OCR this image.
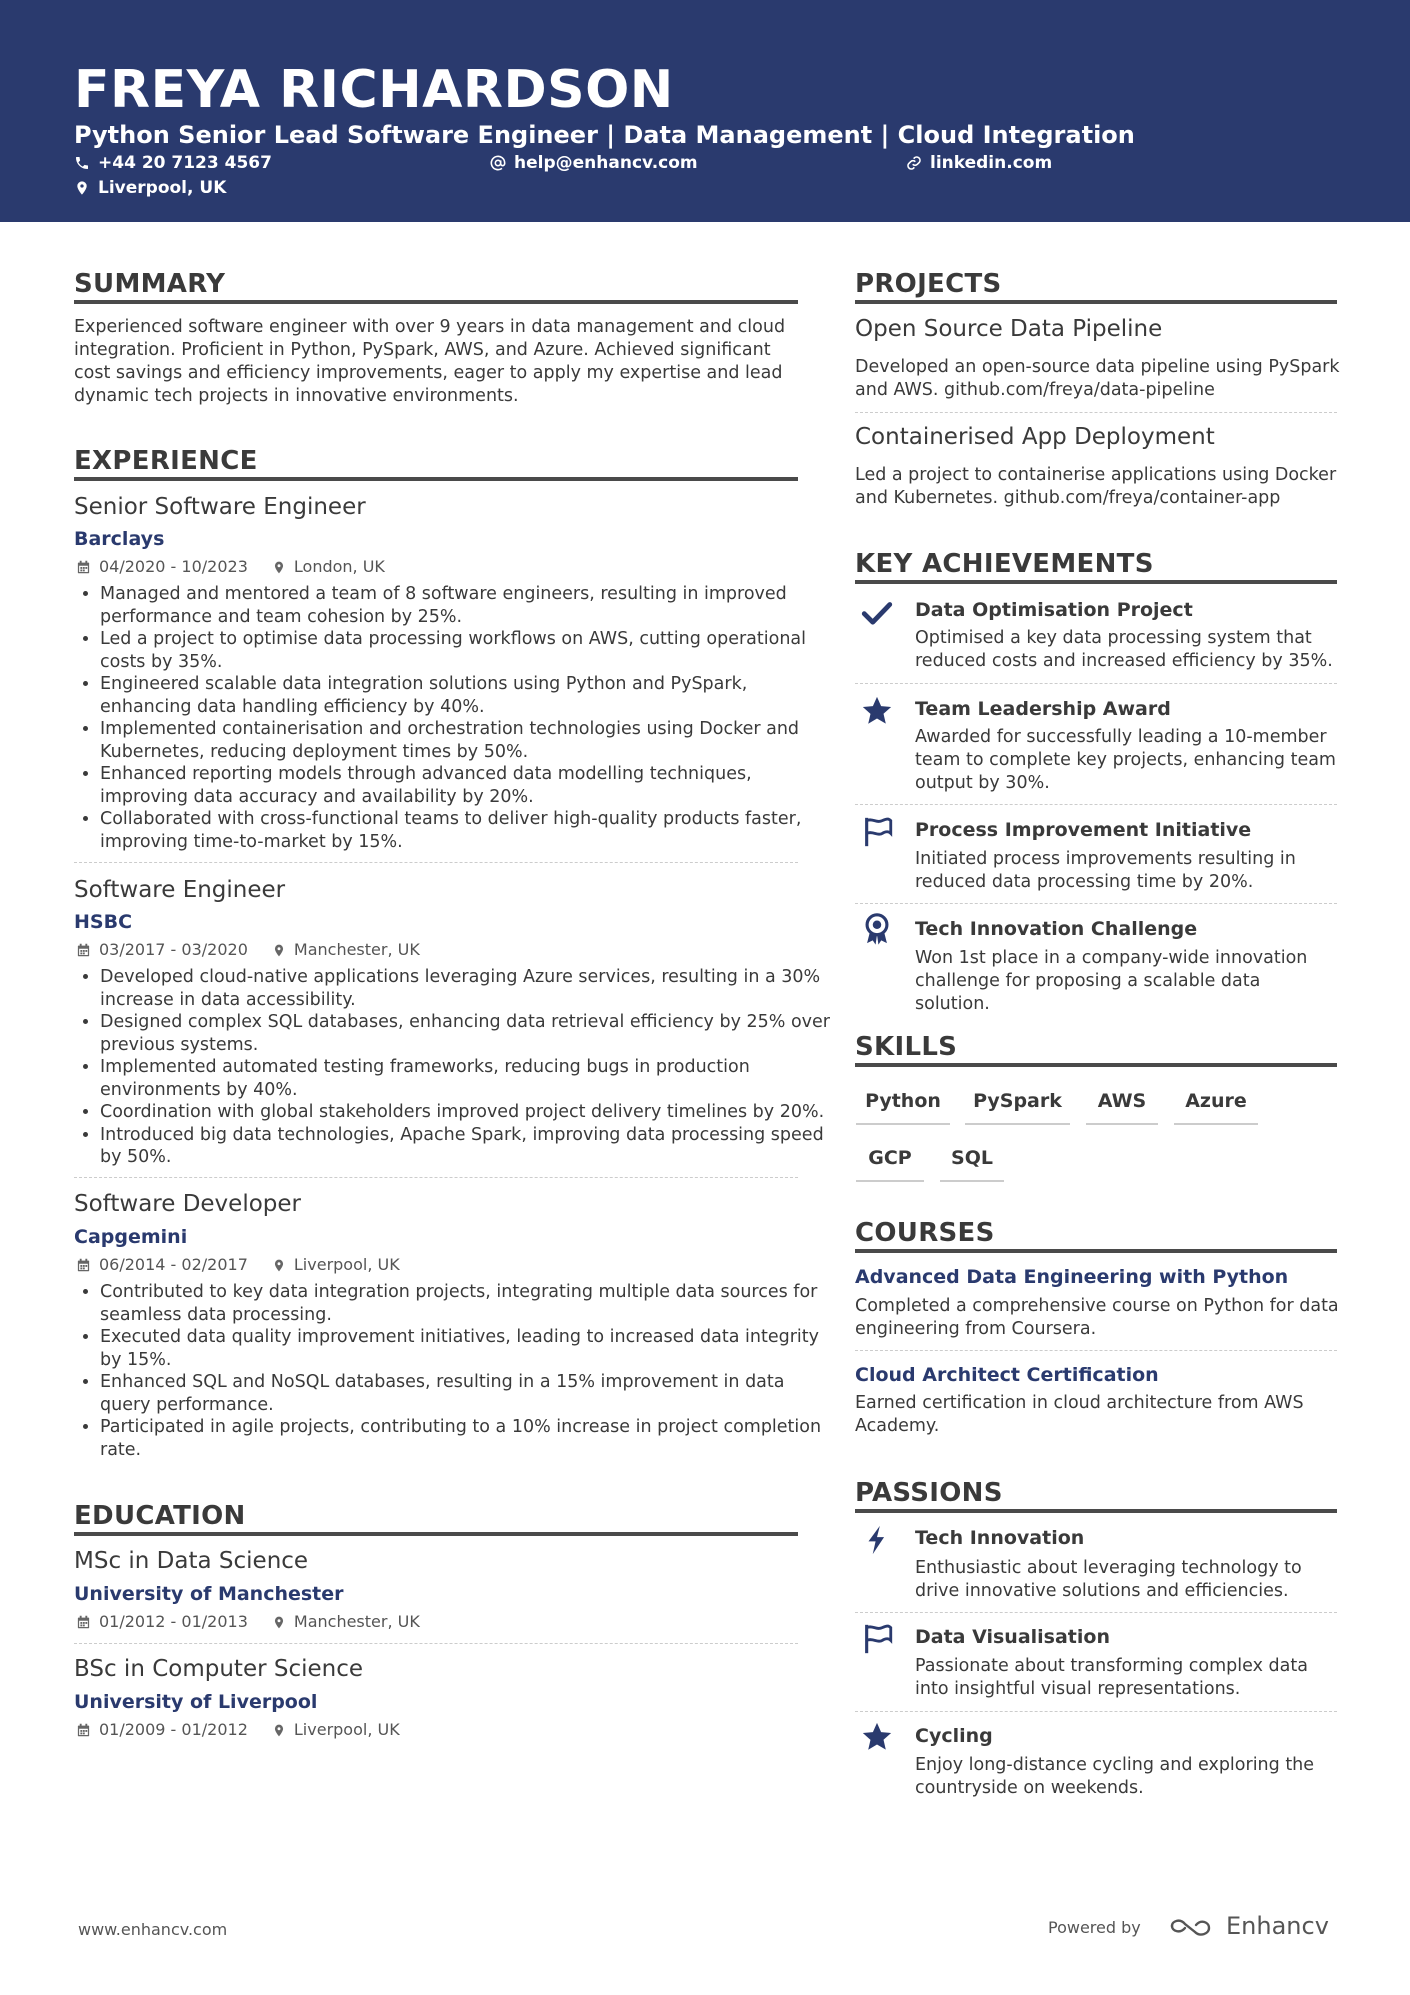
FREYA RICHARDSON
Python Senior Lead Software Engineer | Data Management | Cloud Integration
+44 20 7123 4567	help@enhancv.com	linkedin.com
Liverpool, UK
SUMMARY
Experienced software engineer with over 9 years in data management and cloud integration. Proficient in Python, PySpark, AWS, and Azure. Achieved significant cost savings and efficiency improvements, eager to apply my expertise and lead dynamic tech projects in innovative environments.
EXPERIENCE
Senior Software Engineer
Barclays
04/2020 - 10/2023	London, UK
• Managed and mentored a team of 8 software engineers, resulting in improved performance and team cohesion by 25%.
• Led a project to optimise data processing workflows on AWS, cutting operational costs by 35%.
• Engineered scalable data integration solutions using Python and PySpark, enhancing data handling efficiency by 40%.
• Implemented containerisation and orchestration technologies using Docker and Kubernetes, reducing deployment times by 50%.
• Enhanced reporting models through advanced data modelling techniques, improving data accuracy and availability by 20%.
• Collaborated with cross-functional teams to deliver high-quality products faster, improving time-to-market by 15%.
Software Engineer
HSBC
03/2017 - 03/2020	Manchester, UK
• Developed cloud-native applications leveraging Azure services, resulting in a 30% increase in data accessibility.
• Designed complex SQL databases, enhancing data retrieval efficiency by 25% over previous systems.
• Implemented automated testing frameworks, reducing bugs in production environments by 40%.
• Coordination with global stakeholders improved project delivery timelines by 20%.
• Introduced big data technologies, Apache Spark, improving data processing speed by 50%.
Software Developer
Capgemini
06/2014 - 02/2017	Liverpool, UK
• Contributed to key data integration projects, integrating multiple data sources for seamless data processing.
• Executed data quality improvement initiatives, leading to increased data integrity by 15%.
• Enhanced SQL and NoSQL databases, resulting in a 15% improvement in data query performance.
• Participated in agile projects, contributing to a 10% increase in project completion rate.
EDUCATION
MSc in Data Science
University of Manchester
01/2012 - 01/2013	Manchester, UK
BSc in Computer Science
University of Liverpool
01/2009 - 01/2012	Liverpool, UK
PROJECTS
Open Source Data Pipeline
Developed an open-source data pipeline using PySpark and AWS. github.com/freya/data-pipeline
Containerised App Deployment
Led a project to containerise applications using Docker and Kubernetes. github.com/freya/container-app
KEY ACHIEVEMENTS
Data Optimisation Project
Optimised a key data processing system that reduced costs and increased efficiency by 35%.
Team Leadership Award
Awarded for successfully leading a 10-member team to complete key projects, enhancing team output by 30%.
Process Improvement Initiative
Initiated process improvements resulting in reduced data processing time by 20%.
Tech Innovation Challenge
Won 1st place in a company-wide innovation challenge for proposing a scalable data solution.
SKILLS
Python	PySpark	AWS	Azure
GCP	SQL
COURSES
Advanced Data Engineering with Python
Completed a comprehensive course on Python for data engineering from Coursera.
Cloud Architect Certification
Earned certification in cloud architecture from AWS Academy.
PASSIONS
Tech Innovation
Enthusiastic about leveraging technology to drive innovative solutions and efficiencies.
Data Visualisation
Passionate about transforming complex data into insightful visual representations.
Cycling
Enjoy long-distance cycling and exploring the countryside on weekends.
www.enhancv.com	Powered by	Enhancv
